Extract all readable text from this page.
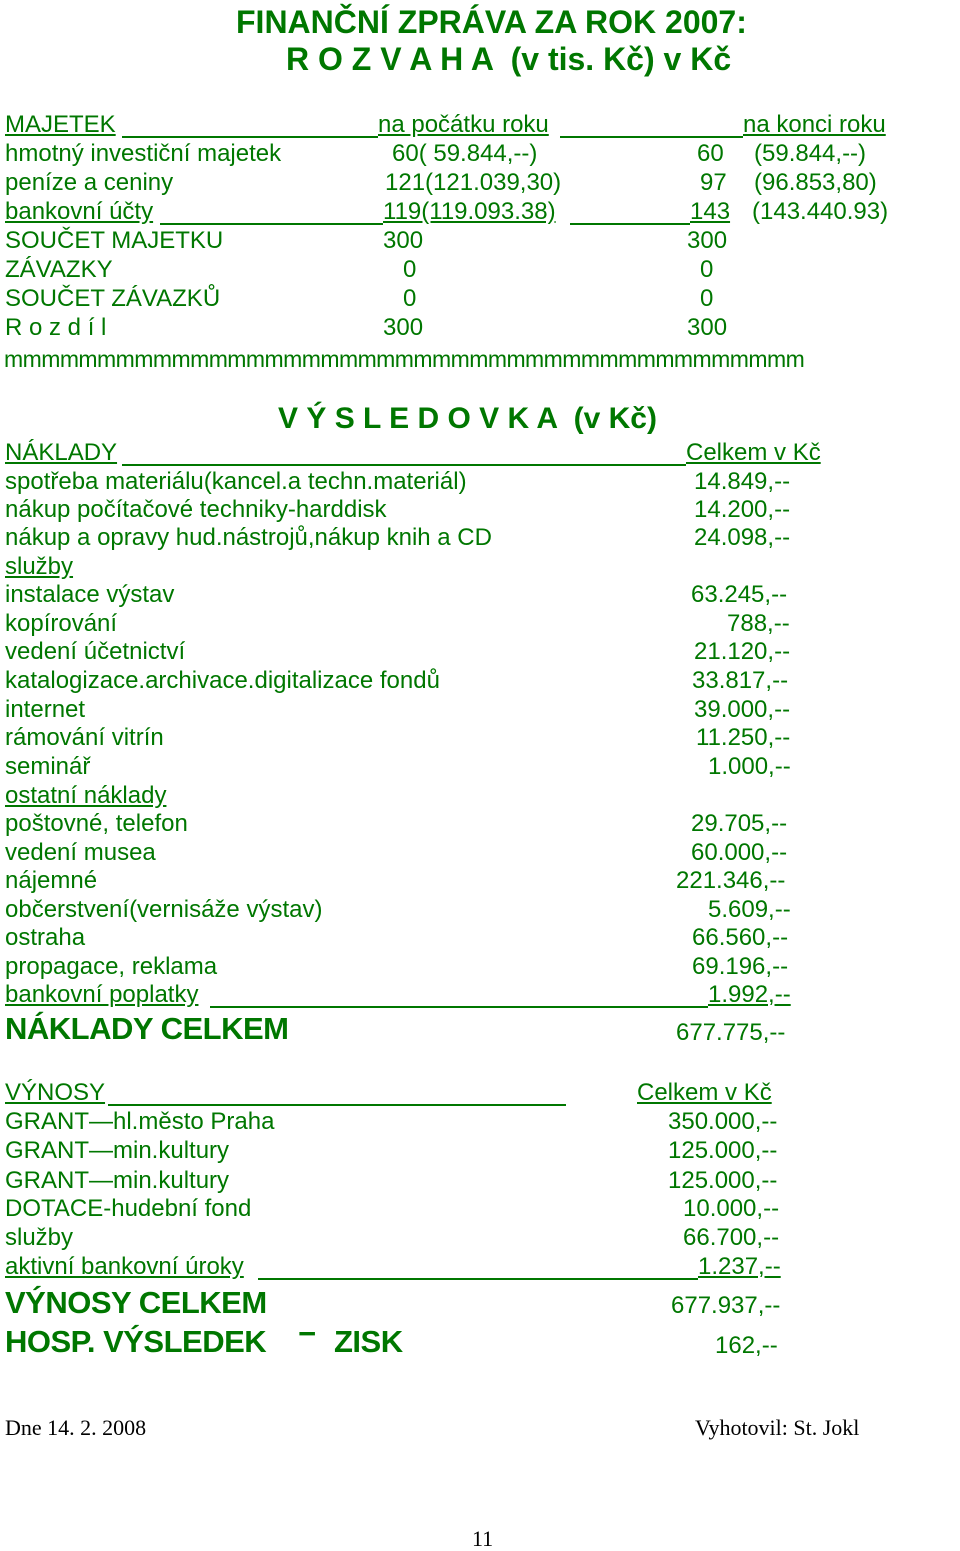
FINANČNÍ ZPRÁVA ZA ROK 2007:
R O Z V A H A  (v tis. Kč) v Kč
MAJETEK	na počátku roku	na konci roku
hmotný investiční majetek	60( 59.844,--)	60 (59.844,--)
peníze a ceniny	121(121.039,30)	97 (96.853,80)
bankovní účty	119(119.093.38)	143 (143.440.93)
SOUČET MAJETKU	300	300
ZÁVAZKY	0	0
SOUČET ZÁVAZKŮ	0	0
R o z d í l	300	300
mmmmmmmmmmmmmmmmmmmmmmmmmmmmmmmmmmmmmmmmmmm
V Ý S L E D O V K A  (v Kč)
NÁKLADY	Celkem v Kč
spotřeba materiálu(kancel.a techn.materiál)	14.849,--
nákup počítačové techniky-harddisk	14.200,--
nákup a opravy hud.nástrojů,nákup knih a CD	24.098,--
služby
instalace výstav	63.245,--
kopírování	788,--
vedení účetnictví	21.120,--
katalogizace.archivace.digitalizace fondů	33.817,--
internet	39.000,--
rámování vitrín	11.250,--
seminář	1.000,--
ostatní náklady
poštovné, telefon	29.705,--
vedení musea	60.000,--
nájemné	221.346,--
občerstvení(vernisáže výstav)	5.609,--
ostraha	66.560,--
propagace, reklama	69.196,--
bankovní poplatky	1.992,--
NÁKLADY CELKEM	677.775,--
VÝNOSY	Celkem v Kč
GRANT—hl.město Praha	350.000,--
GRANT—min.kultury	125.000,--
GRANT—min.kultury	125.000,--
DOTACE-hudební fond	10.000,--
služby	66.700,--
aktivní bankovní úroky	1.237,--
VÝNOSY CELKEM	677.937,--
HOSP. VÝSLEDEK − ZISK	162,--
Dne 14. 2. 2008	Vyhotovil: St. Jokl
11
